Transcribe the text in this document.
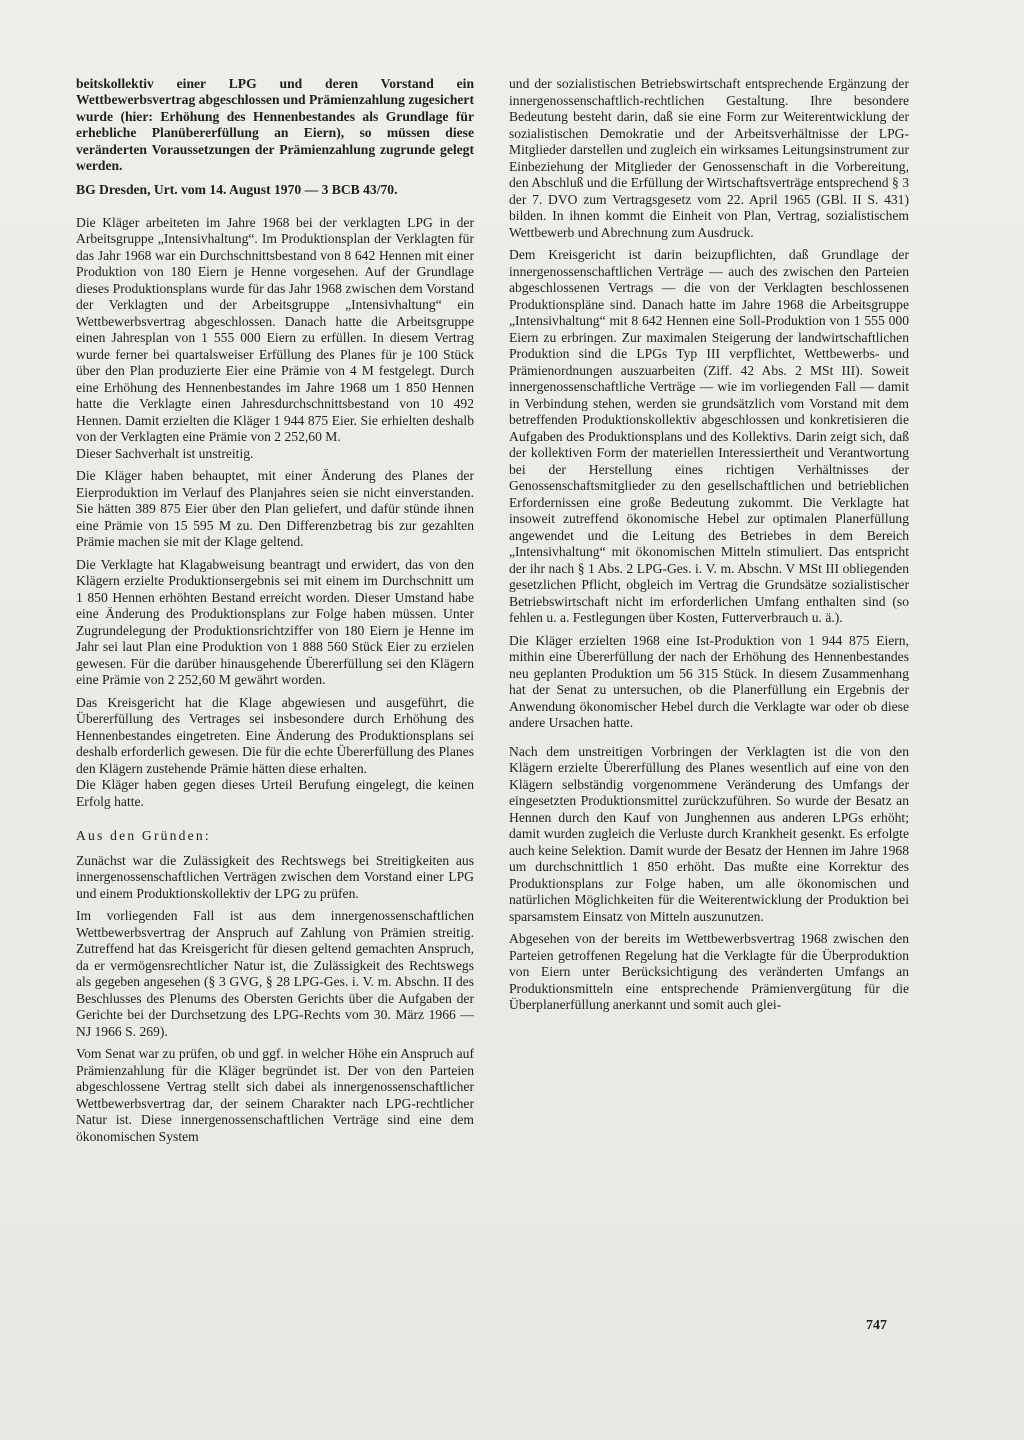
beitskollektiv einer LPG und deren Vorstand ein Wettbewerbsvertrag abgeschlossen und Prämienzahlung zugesichert wurde (hier: Erhöhung des Hennenbestandes als Grundlage für erhebliche Planübererfüllung an Eiern), so müssen diese veränderten Voraussetzungen der Prämienzahlung zugrunde gelegt werden.

BG Dresden, Urt. vom 14. August 1970 — 3 BCB 43/70.

Die Kläger arbeiteten im Jahre 1968 bei der verklagten LPG in der Arbeitsgruppe „Intensivhaltung“. Im Produktionsplan der Verklagten für das Jahr 1968 war ein Durchschnittsbestand von 8 642 Hennen mit einer Produktion von 180 Eiern je Henne vorgesehen. Auf der Grundlage dieses Produktionsplans wurde für das Jahr 1968 zwischen dem Vorstand der Verklagten und der Arbeitsgruppe „Intensivhaltung“ ein Wettbewerbsvertrag abgeschlossen. Danach hatte die Arbeitsgruppe einen Jahresplan von 1 555 000 Eiern zu erfüllen. In diesem Vertrag wurde ferner bei quartalsweiser Erfüllung des Planes für je 100 Stück über den Plan produzierte Eier eine Prämie von 4 M festgelegt. Durch eine Erhöhung des Hennenbestandes im Jahre 1968 um 1 850 Hennen hatte die Verklagte einen Jahresdurchschnittsbestand von 10 492 Hennen. Damit erzielten die Kläger 1 944 875 Eier. Sie erhielten deshalb von der Verklagten eine Prämie von 2 252,60 M.

Dieser Sachverhalt ist unstreitig.

Die Kläger haben behauptet, mit einer Änderung des Planes der Eierproduktion im Verlauf des Planjahres seien sie nicht einverstanden. Sie hätten 389 875 Eier über den Plan geliefert, und dafür stünde ihnen eine Prämie von 15 595 M zu. Den Differenzbetrag bis zur gezahlten Prämie machen sie mit der Klage geltend.

Die Verklagte hat Klagabweisung beantragt und erwidert, das von den Klägern erzielte Produktionsergebnis sei mit einem im Durchschnitt um 1 850 Hennen erhöhten Bestand erreicht worden. Dieser Umstand habe eine Änderung des Produktionsplans zur Folge haben müssen. Unter Zugrundelegung der Produktionsrichtziffer von 180 Eiern je Henne im Jahr sei laut Plan eine Produktion von 1 888 560 Stück Eier zu erzielen gewesen. Für die darüber hinausgehende Übererfüllung sei den Klägern eine Prämie von 2 252,60 M gewährt worden.

Das Kreisgericht hat die Klage abgewiesen und ausgeführt, die Übererfüllung des Vertrages sei insbesondere durch Erhöhung des Hennenbestandes eingetreten. Eine Änderung des Produktionsplans sei deshalb erforderlich gewesen. Die für die echte Übererfüllung des Planes den Klägern zustehende Prämie hätten diese erhalten.

Die Kläger haben gegen dieses Urteil Berufung eingelegt, die keinen Erfolg hatte.

Aus den Gründen:

Zunächst war die Zulässigkeit des Rechtswegs bei Streitigkeiten aus innergenossenschaftlichen Verträgen zwischen dem Vorstand einer LPG und einem Produktionskollektiv der LPG zu prüfen.

Im vorliegenden Fall ist aus dem innergenossenschaftlichen Wettbewerbsvertrag der Anspruch auf Zahlung von Prämien streitig. Zutreffend hat das Kreisgericht für diesen geltend gemachten Anspruch, da er vermögensrechtlicher Natur ist, die Zulässigkeit des Rechtswegs als gegeben angesehen (§ 3 GVG, § 28 LPG-Ges. i. V. m. Abschn. II des Beschlusses des Plenums des Obersten Gerichts über die Aufgaben der Gerichte bei der Durchsetzung des LPG-Rechts vom 30. März 1966 — NJ 1966 S. 269).

Vom Senat war zu prüfen, ob und ggf. in welcher Höhe ein Anspruch auf Prämienzahlung für die Kläger begründet ist. Der von den Parteien abgeschlossene Vertrag stellt sich dabei als innergenossenschaftlicher Wettbewerbsvertrag dar, der seinem Charakter nach LPG-rechtlicher Natur ist. Diese innergenossenschaftlichen Verträge sind eine dem ökonomischen System

und der sozialistischen Betriebswirtschaft entsprechende Ergänzung der innergenossenschaftlich-rechtlichen Gestaltung. Ihre besondere Bedeutung besteht darin, daß sie eine Form zur Weiterentwicklung der sozialistischen Demokratie und der Arbeitsverhältnisse der LPG-Mitglieder darstellen und zugleich ein wirksames Leitungsinstrument zur Einbeziehung der Mitglieder der Genossenschaft in die Vorbereitung, den Abschluß und die Erfüllung der Wirtschaftsverträge entsprechend § 3 der 7. DVO zum Vertragsgesetz vom 22. April 1965 (GBl. II S. 431) bilden. In ihnen kommt die Einheit von Plan, Vertrag, sozialistischem Wettbewerb und Abrechnung zum Ausdruck.

Dem Kreisgericht ist darin beizupflichten, daß Grundlage der innergenossenschaftlichen Verträge — auch des zwischen den Parteien abgeschlossenen Vertrags — die von der Verklagten beschlossenen Produktionspläne sind. Danach hatte im Jahre 1968 die Arbeitsgruppe „Intensivhaltung“ mit 8 642 Hennen eine Soll-Produktion von 1 555 000 Eiern zu erbringen. Zur maximalen Steigerung der landwirtschaftlichen Produktion sind die LPGs Typ III verpflichtet, Wettbewerbs- und Prämienordnungen auszuarbeiten (Ziff. 42 Abs. 2 MSt III). Soweit innergenossenschaftliche Verträge — wie im vorliegenden Fall — damit in Verbindung stehen, werden sie grundsätzlich vom Vorstand mit dem betreffenden Produktionskollektiv abgeschlossen und konkretisieren die Aufgaben des Produktionsplans und des Kollektivs. Darin zeigt sich, daß der kollektiven Form der materiellen Interessiertheit und Verantwortung bei der Herstellung eines richtigen Verhältnisses der Genossenschaftsmitglieder zu den gesellschaftlichen und betrieblichen Erfordernissen eine große Bedeutung zukommt. Die Verklagte hat insoweit zutreffend ökonomische Hebel zur optimalen Planerfüllung angewendet und die Leitung des Betriebes in dem Bereich „Intensivhaltung“ mit ökonomischen Mitteln stimuliert. Das entspricht der ihr nach § 1 Abs. 2 LPG-Ges. i. V. m. Abschn. V MSt III obliegenden gesetzlichen Pflicht, obgleich im Vertrag die Grundsätze sozialistischer Betriebswirtschaft nicht im erforderlichen Umfang enthalten sind (so fehlen u. a. Festlegungen über Kosten, Futterverbrauch u. ä.).

Die Kläger erzielten 1968 eine Ist-Produktion von 1 944 875 Eiern, mithin eine Übererfüllung der nach der Erhöhung des Hennenbestandes neu geplanten Produktion um 56 315 Stück. In diesem Zusammenhang hat der Senat zu untersuchen, ob die Planerfüllung ein Ergebnis der Anwendung ökonomischer Hebel durch die Verklagte war oder ob diese andere Ursachen hatte.

Nach dem unstreitigen Vorbringen der Verklagten ist die von den Klägern erzielte Übererfüllung des Planes wesentlich auf eine von den Klägern selbständig vorgenommene Veränderung des Umfangs der eingesetzten Produktionsmittel zurückzuführen. So wurde der Besatz an Hennen durch den Kauf von Junghennen aus anderen LPGs erhöht; damit wurden zugleich die Verluste durch Krankheit gesenkt. Es erfolgte auch keine Selektion. Damit wurde der Besatz der Hennen im Jahre 1968 um durchschnittlich 1 850 erhöht. Das mußte eine Korrektur des Produktionsplans zur Folge haben, um alle ökonomischen und natürlichen Möglichkeiten für die Weiterentwicklung der Produktion bei sparsamstem Einsatz von Mitteln auszunutzen.

Abgesehen von der bereits im Wettbewerbsvertrag 1968 zwischen den Parteien getroffenen Regelung hat die Verklagte für die Überproduktion von Eiern unter Berücksichtigung des veränderten Umfangs an Produktionsmitteln eine entsprechende Prämienvergütung für die Überplanerfüllung anerkannt und somit auch glei-

747
